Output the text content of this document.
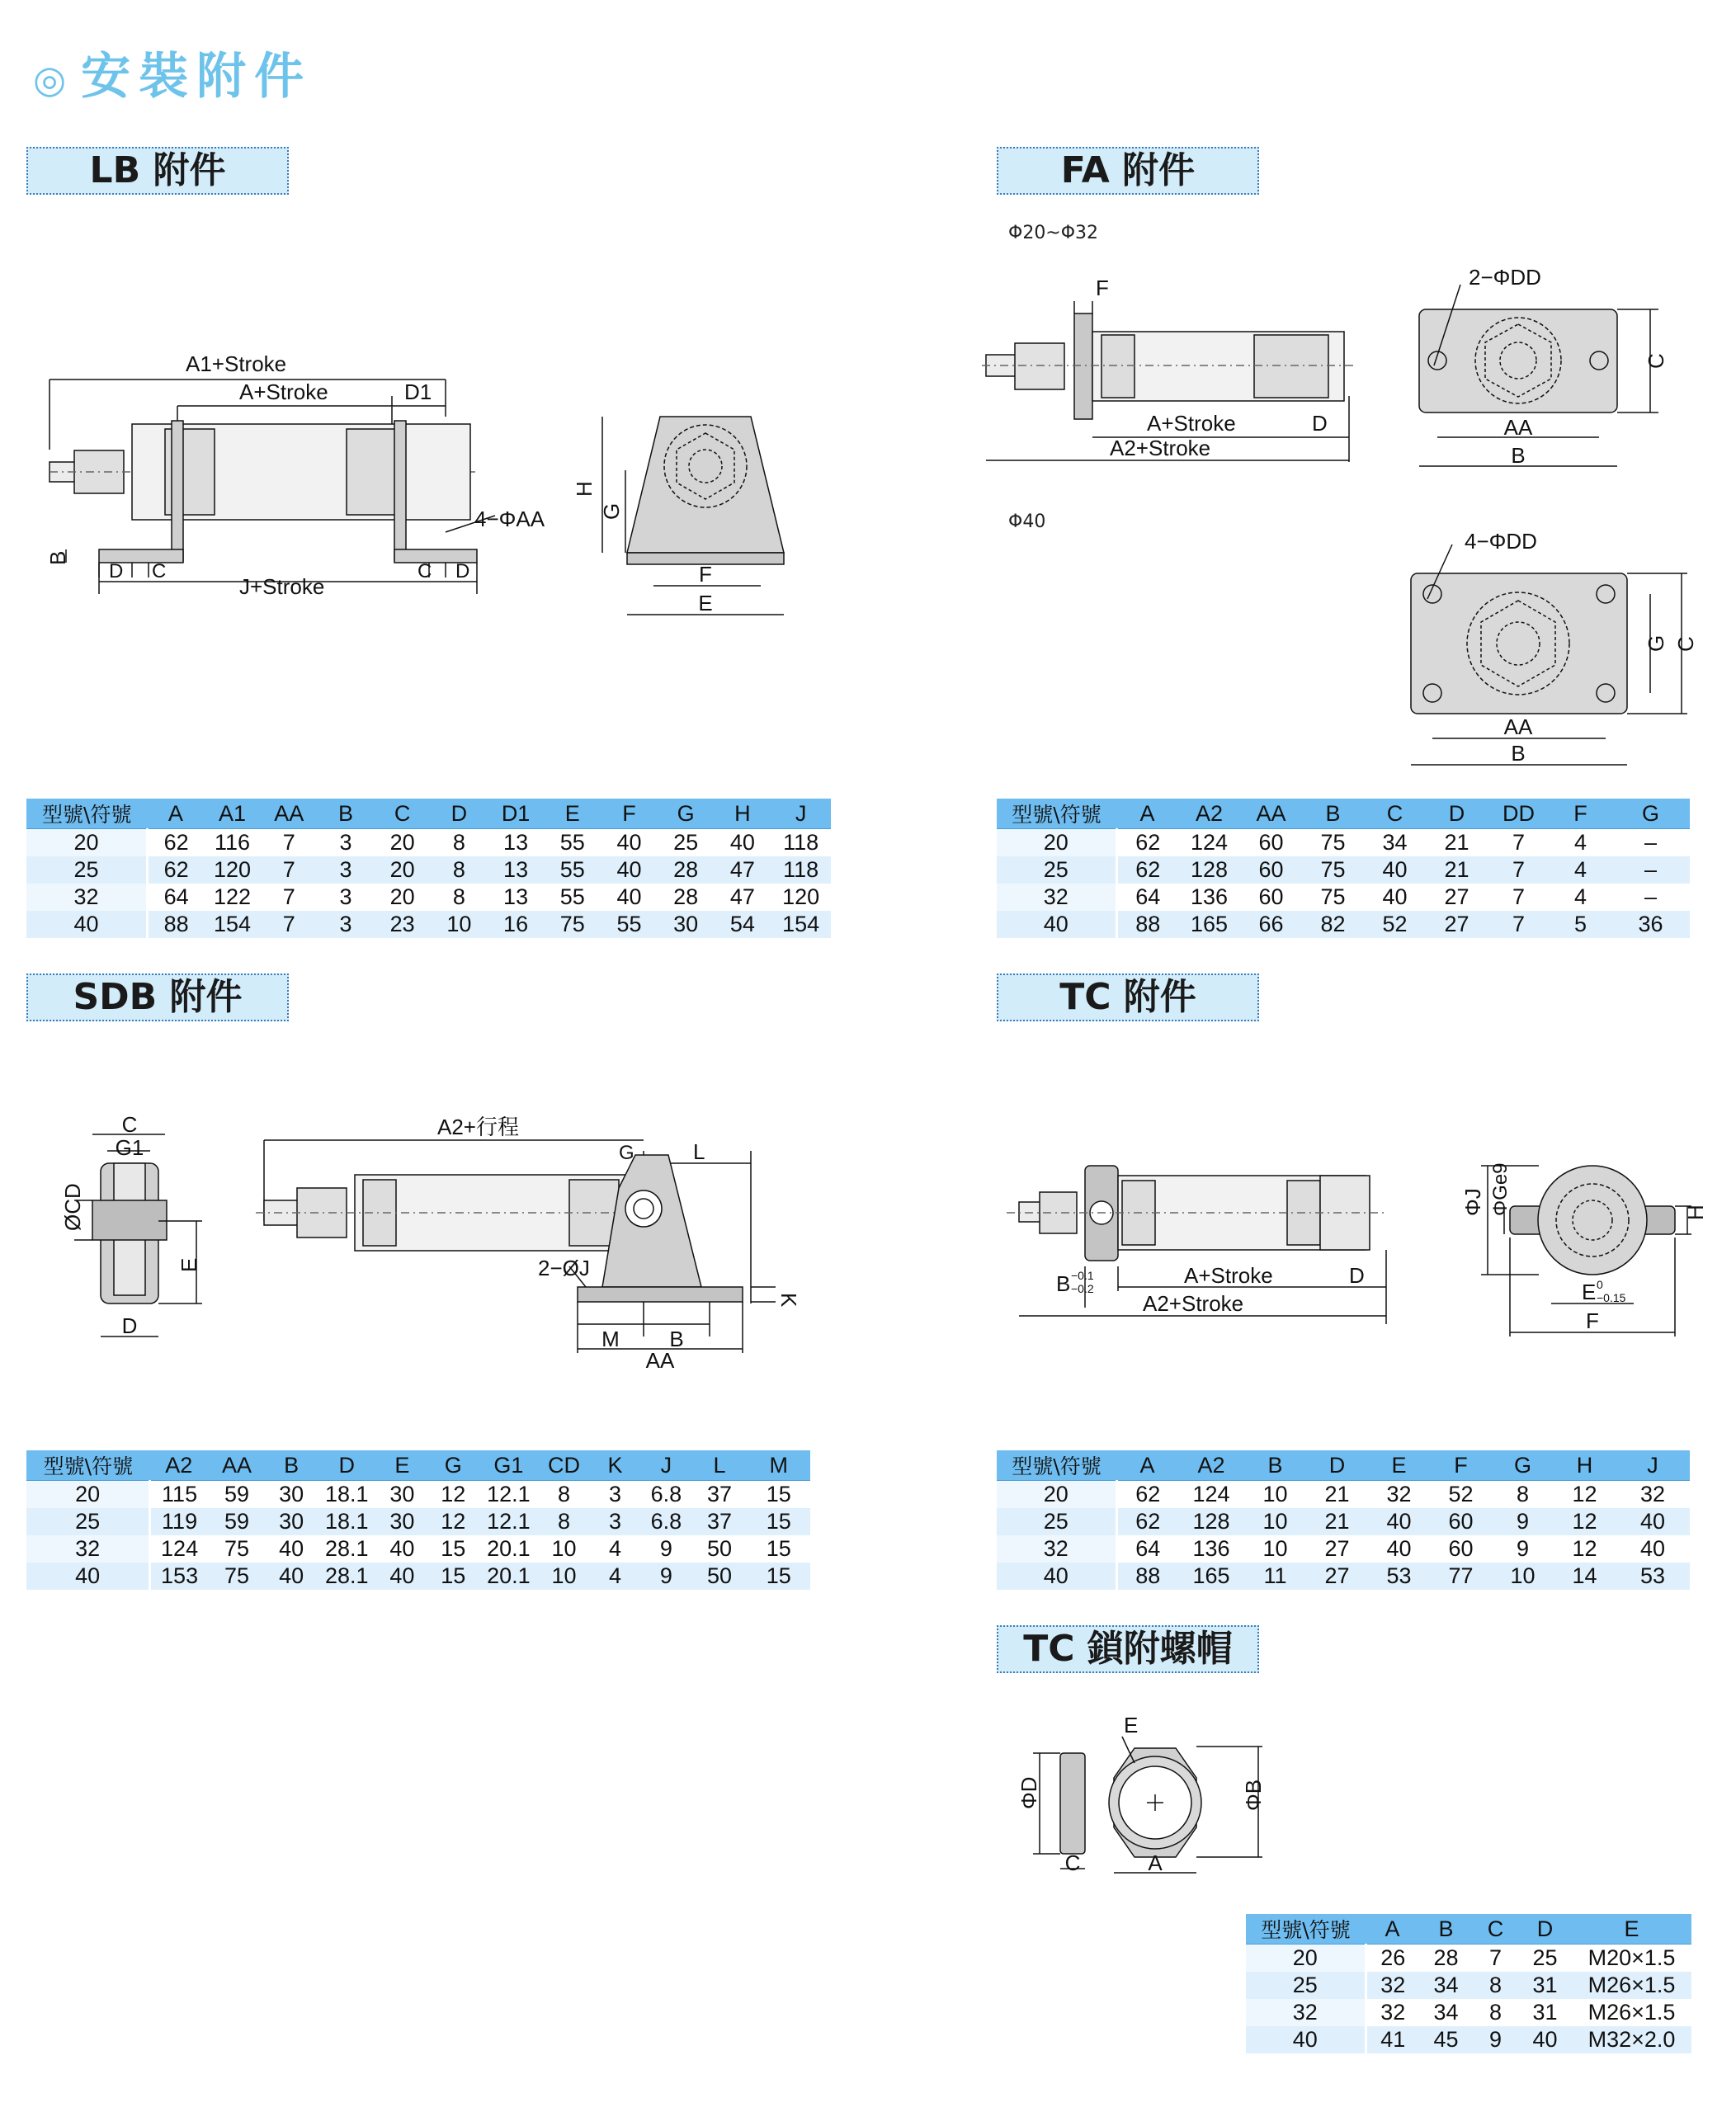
◎ 安裝附件
LB 附件
A1+Stroke
A+Stroke	D1
4−ΦAA
B
D C
J+Stroke
C D
H
G
F
E
型號\符號	A	A1	AA	B	C	D	D1	E	F	G	H	J
20	62	116	7	3	20	8	13	55	40	25	40	118
25	62	120	7	3	20	8	13	55	40	28	47	118
32	64	122	7	3	20	8	13	55	40	28	47	120
40	88	154	7	3	23	10	16	75	55	30	54	154
FA 附件
Φ20~Φ32
Φ40
F
A+Stroke	D
A2+Stroke
2−ΦDD
C
AA
B
4−ΦDD
G C
AA
B
型號\符號	A	A2	AA	B	C	D	DD	F	G
20	62	124	60	75	34	21	7	4	–
25	62	128	60	75	40	21	7	4	–
32	64	136	60	75	40	27	7	4	–
40	88	165	66	82	52	27	7	5	36
SDB 附件
C
G1
ØCD
E
D
A2+行程
G	L
2−ØJ
K
M B
AA
型號\符號	A2	AA	B	D	E	G	G1	CD	K	J	L	M
20	115	59	30	18.1	30	12	12.1	8	3	6.8	37	15
25	119	59	30	18.1	30	12	12.1	8	3	6.8	37	15
32	124	75	40	28.1	40	15	20.1	10	4	9	50	15
40	153	75	40	28.1	40	15	20.1	10	4	9	50	15
TC 附件
B −0.1
−0.2
A+Stroke	D
A2+Stroke
ΦJ ΦGe9	H
E 0
−0.15
F
型號\符號	A	A2	B	D	E	F	G	H	J
20	62	124	10	21	32	52	8	12	32
25	62	128	10	21	40	60	9	12	40
32	64	136	10	27	40	60	9	12	40
40	88	165	11	27	53	77	10	14	53
TC 鎖附螺帽
E
ΦD	ΦB
C	A
型號\符號	A	B	C	D	E
20	26	28	7	25	M20×1.5
25	32	34	8	31	M26×1.5
32	32	34	8	31	M26×1.5
40	41	45	9	40	M32×2.0
